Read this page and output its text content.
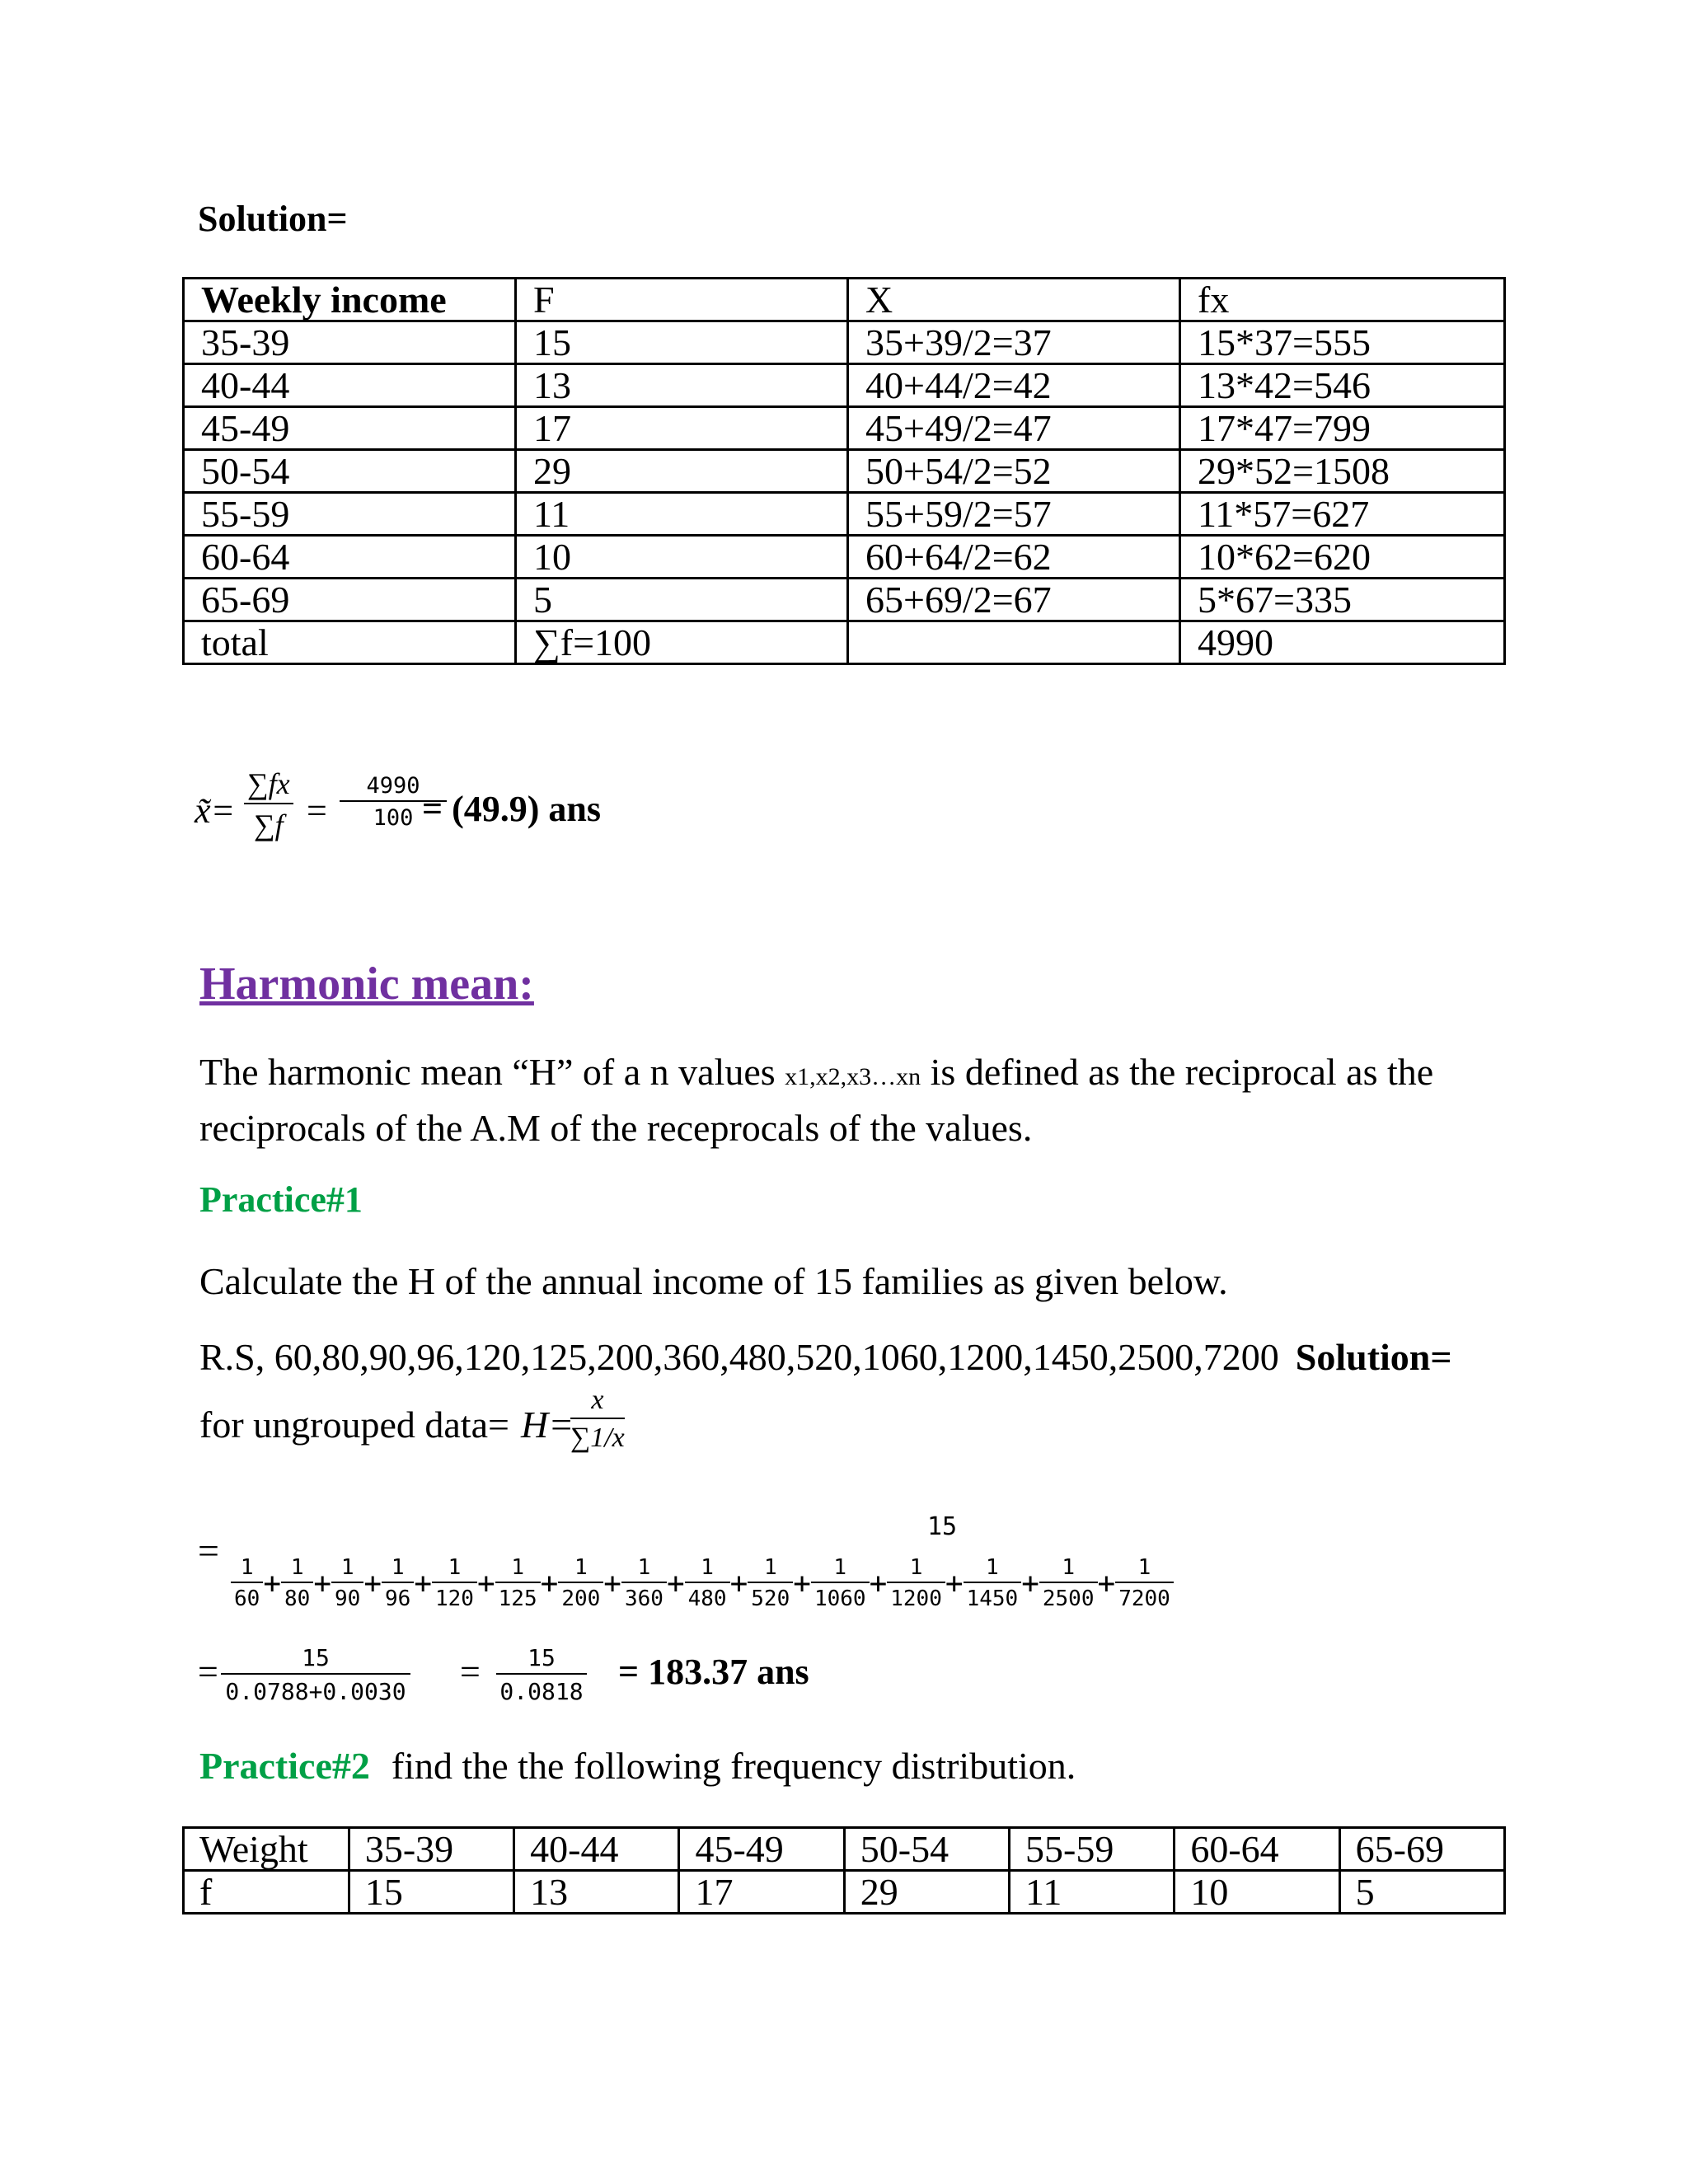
Solution=
Weekly income	F	X	fx
35-39	15	35+39/2=37	15*37=555
40-44	13	40+44/2=42	13*42=546
45-49	17	45+49/2=47	17*47=799
50-54	29	50+54/2=52	29*52=1508
55-59	11	55+59/2=57	11*57=627
60-64	10	60+64/2=62	10*62=620
65-69	5	65+69/2=67	5*67=335
total	∑f=100		4990
x̃= $\frac{\sum fx}{\sum f} = \frac{4990}{100}$
= (49.9) ans
Harmonic mean:
The harmonic mean “H” of a n values x1,x2,x3…xn is defined as the reciprocal as the reciprocals of the A.M of the receprocals of the values.
Practice#1
Calculate the H of the annual income of 15 families as given below.
R.S, 60,80,90,96,120,125,200,360,480,520,1060,1200,1450,2500,7200 Solution=
for ungrouped data= H=
$\frac{x}{\sum 1/x}$
=
15
$\frac{1}{60} + \frac{1}{80} + \frac{1}{90} + \frac{1}{96} + \frac{1}{120} + \frac{1}{125} + \frac{1}{200} + \frac{1}{360} + \frac{1}{480} + \frac{1}{520} + \frac{1}{1060} + \frac{1}{1200} + \frac{1}{1450} + \frac{1}{2500} + \frac{1}{7200}$
= $\frac{15}{0.0788+0.0030} = \frac{15}{0.0818} = 183.37$ ans
Practice#2 find the the following frequency distribution.
Weight	35-39	40-44	45-49	50-54	55-59	60-64	65-69
f	15	13	17	29	11	10	5
